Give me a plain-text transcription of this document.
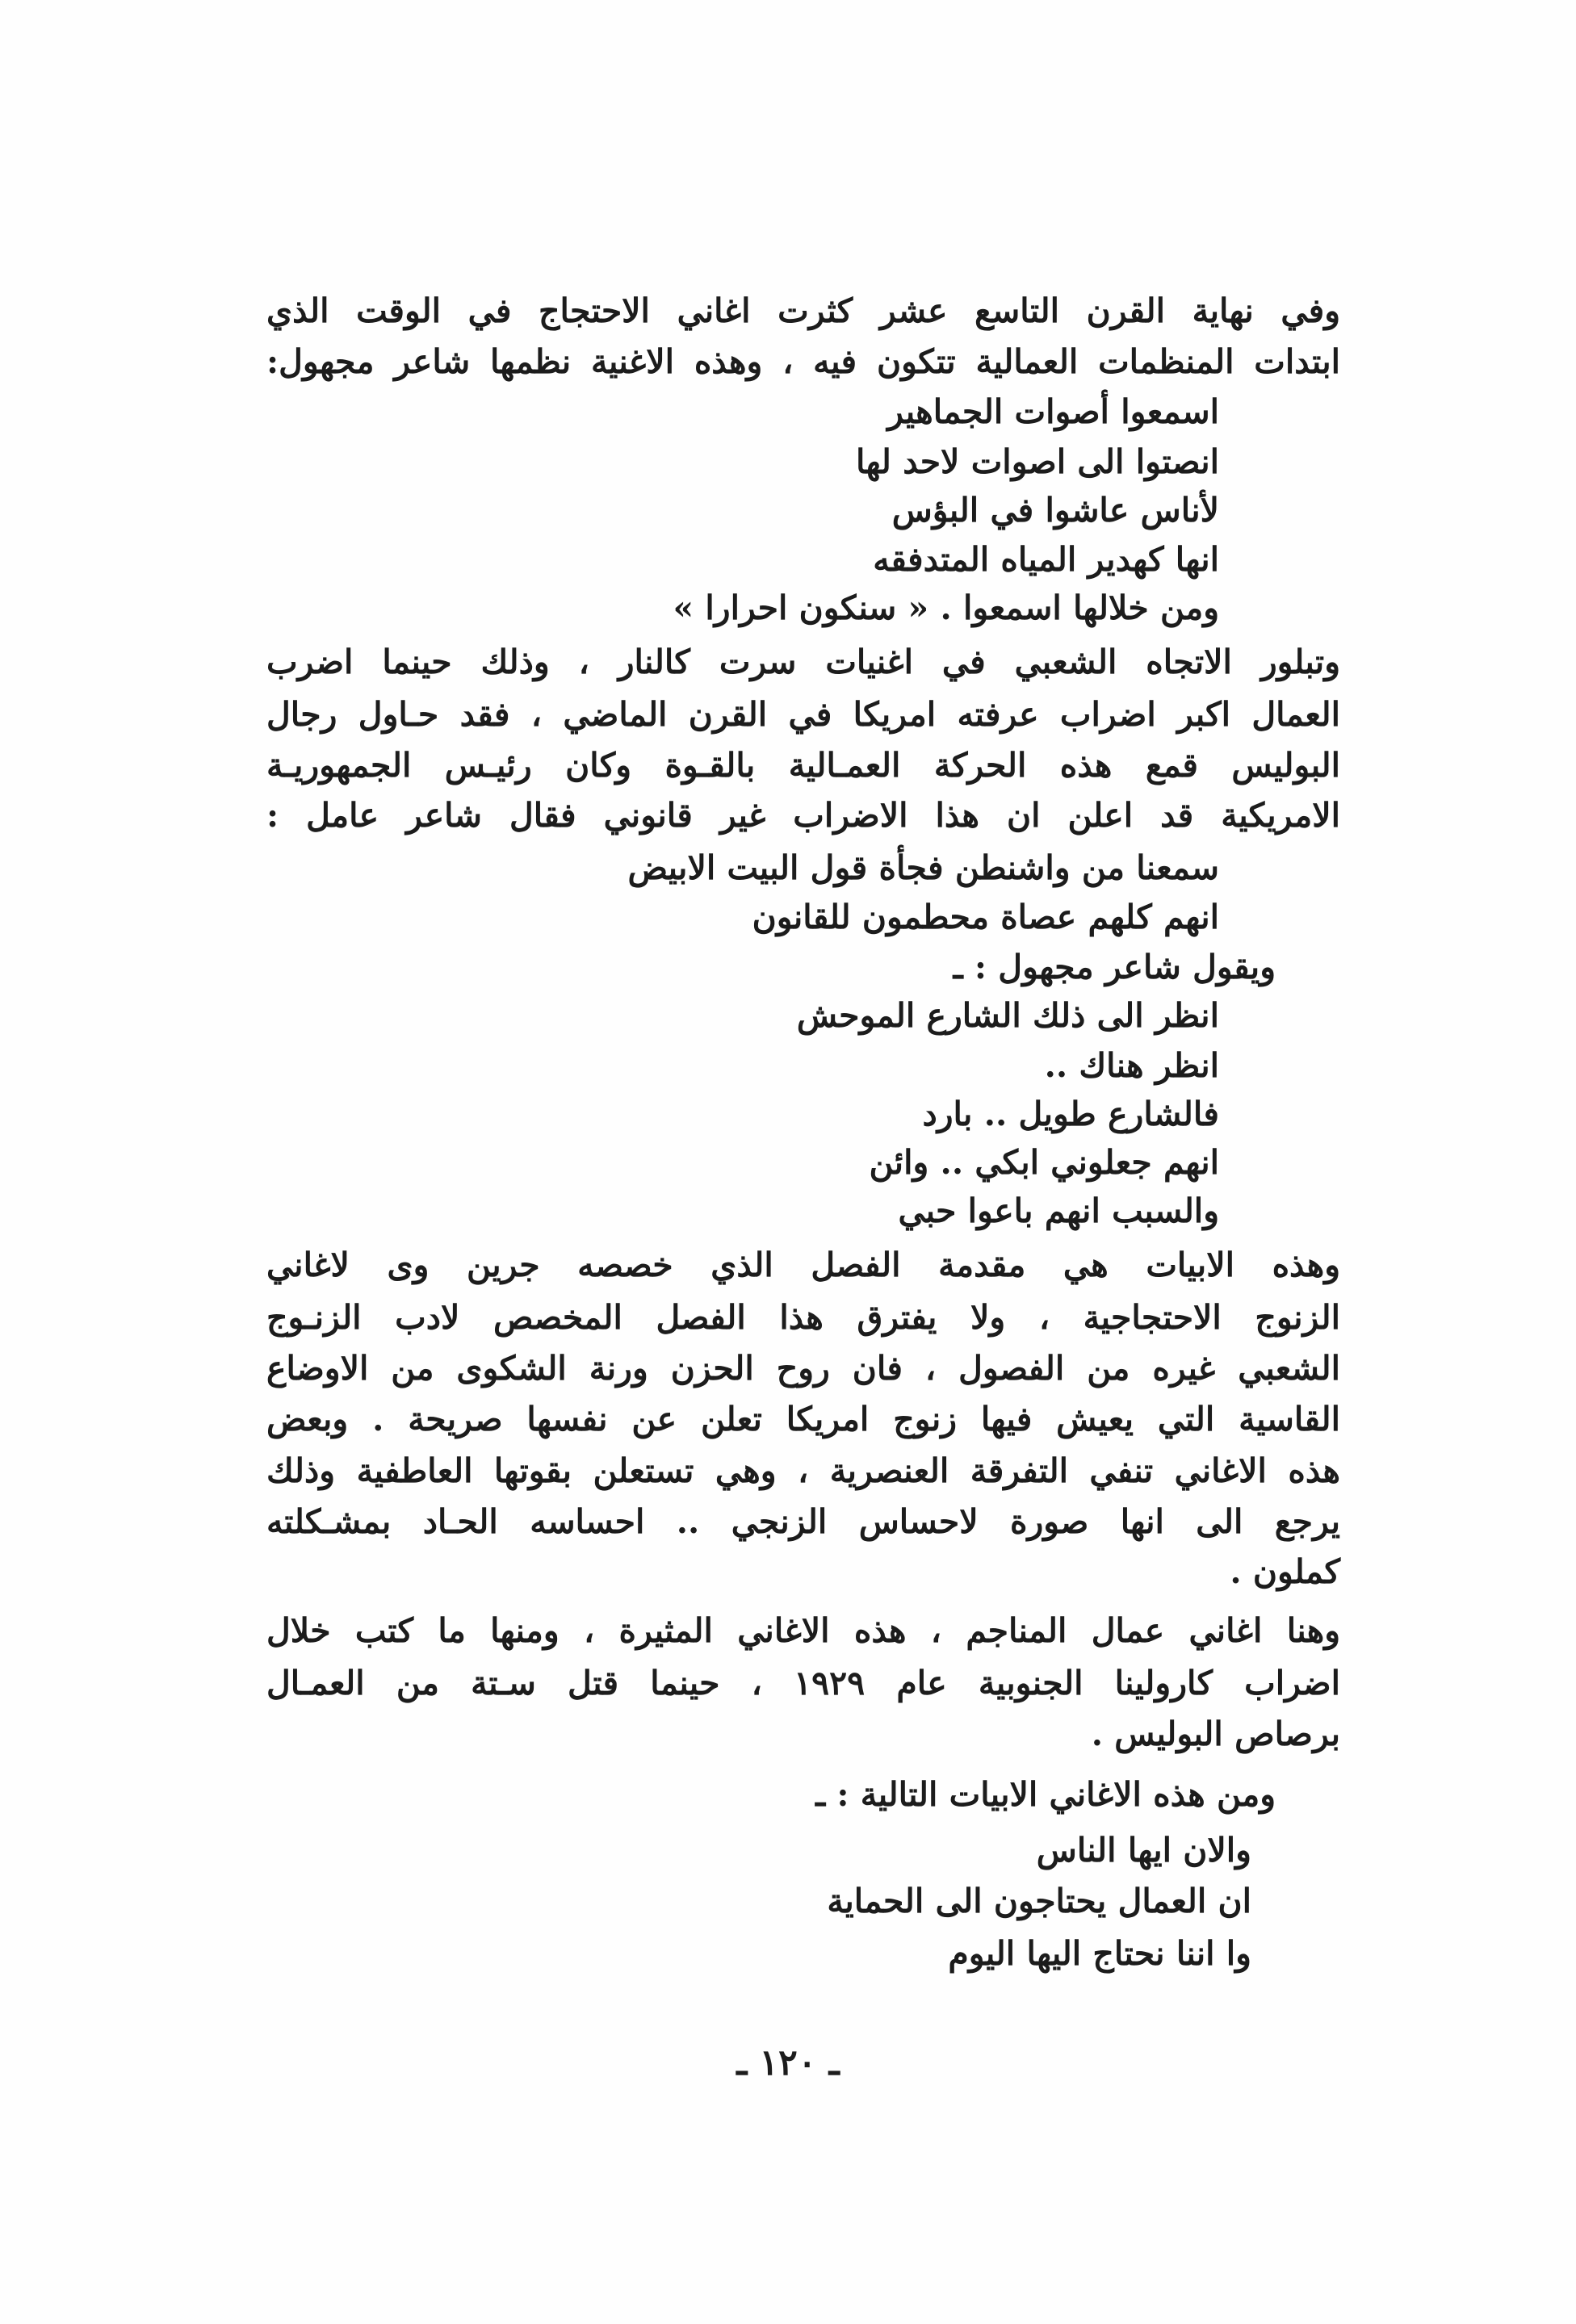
وفي نهاية القرن التاسع عشر كثرت اغاني الاحتجاج في الوقت الذي
ابتدات المنظمات العمالية تتكون فيه ، وهذه الاغنية نظمها شاعر مجهول:
اسمعوا أصوات الجماهير
انصتوا الى اصوات لاحد لها
لأناس عاشوا في البؤس
انها كهدير المياه المتدفقه
ومن خلالها اسمعوا . « سنكون احرارا »
وتبلور الاتجاه الشعبي في اغنيات سرت كالنار ، وذلك حينما اضرب
العمال اكبر اضراب عرفته امريكا في القرن الماضي ، فقد حـاول رجال
البوليس قمع هذه الحركة العمـالية بالقـوة وكان رئيـس الجمهوريـة
الامريكية قد اعلن ان هذا الاضراب غير قانوني فقال شاعر عامل :
سمعنا من واشنطن فجأة قول البيت الابيض
انهم كلهم عصاة محطمون للقانون
ويقول شاعر مجهول : ـ
انظر الى ذلك الشارع الموحش
انظر هناك ..
فالشارع طويل .. بارد
انهم جعلوني ابكي .. وائن
والسبب انهم باعوا حبي
وهذه الابيات هي مقدمة الفصل الذي خصصه جرين وى لاغاني
الزنوج الاحتجاجية ، ولا يفترق هذا الفصل المخصص لادب الزنـوج
الشعبي غيره من الفصول ، فان روح الحزن ورنة الشكوى من الاوضاع
القاسية التي يعيش فيها زنوج امريكا تعلن عن نفسها صريحة . وبعض
هذه الاغاني تنفي التفرقة العنصرية ، وهي تستعلن بقوتها العاطفية وذلك
يرجع الى انها صورة لاحساس الزنجي .. احساسه الحـاد بمشـكلته
كملون .
وهنا اغاني عمال المناجم ، هذه الاغاني المثيرة ، ومنها ما كتب خلال
اضراب كارولينا الجنوبية عام ١٩٢٩ ، حينما قتل سـتة من العمـال
برصاص البوليس .
ومن هذه الاغاني الابيات التالية : ـ
والان ايها الناس
ان العمال يحتاجون الى الحماية
وا اننا نحتاج اليها اليوم
ـ ١٢٠ ـ
